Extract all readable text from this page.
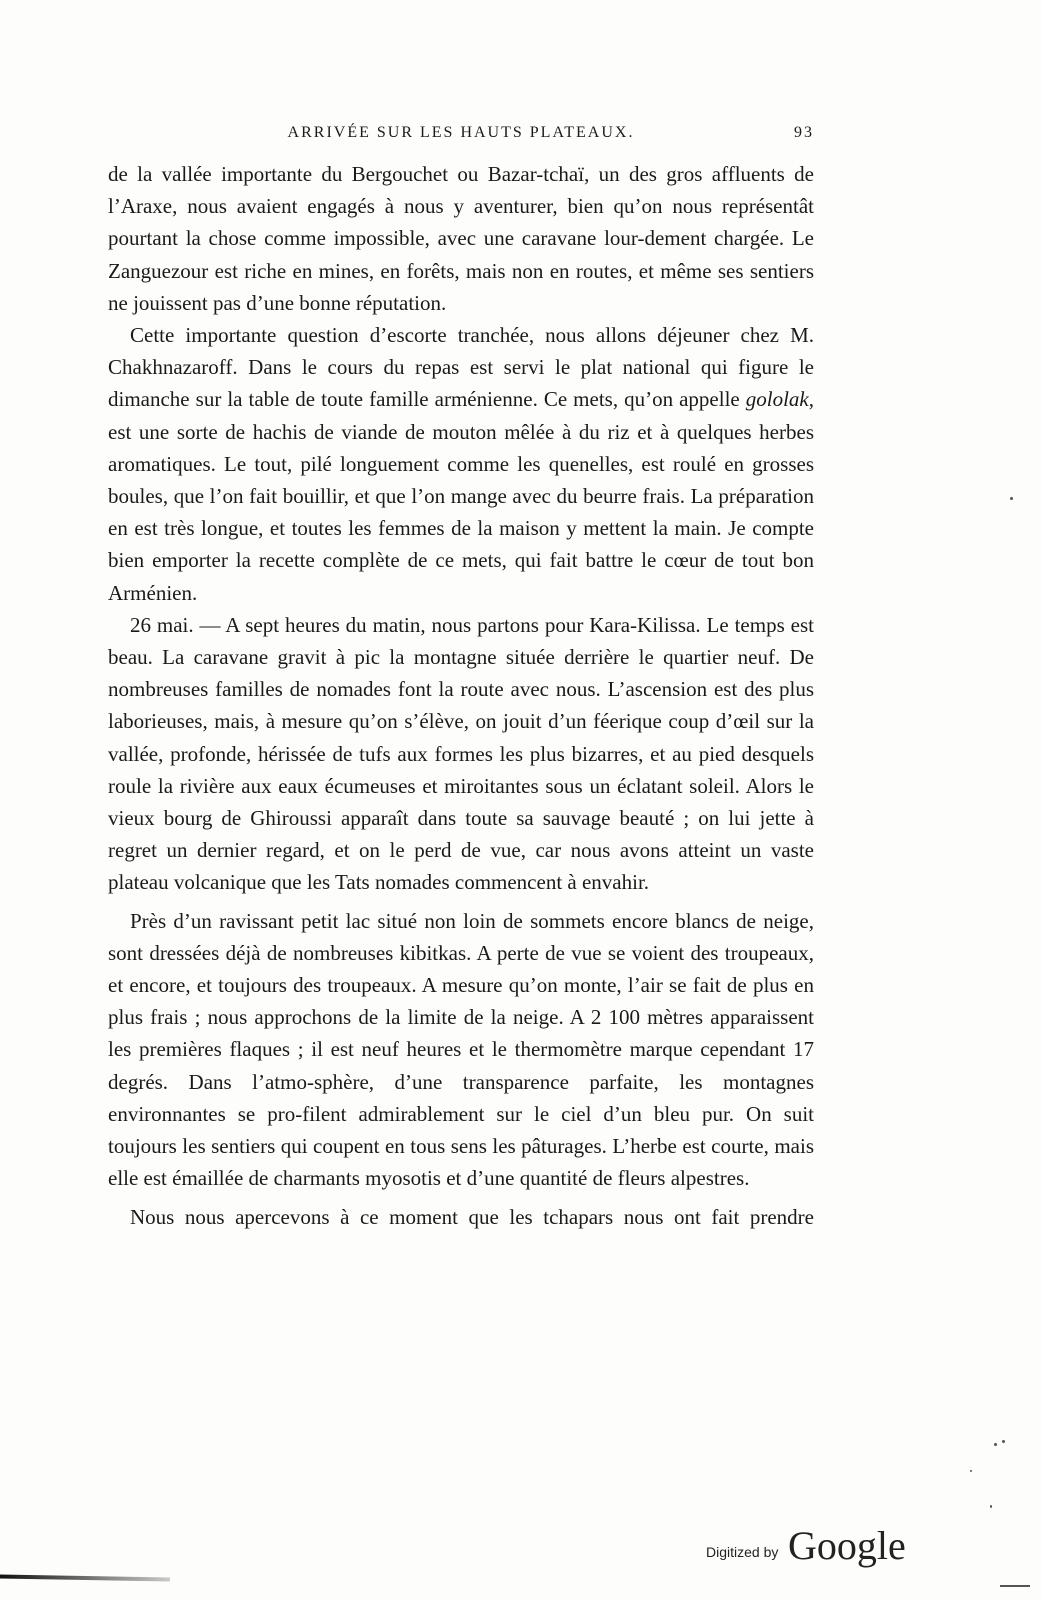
ARRIVÉE SUR LES HAUTS PLATEAUX.	93

de la vallée importante du Bergouchet ou Bazar-tchaï, un des gros affluents de l’Araxe, nous avaient engagés à nous y aventurer, bien qu’on nous représentât pourtant la chose comme impossible, avec une caravane lour-dement chargée. Le Zanguezour est riche en mines, en forêts, mais non en routes, et même ses sentiers ne jouissent pas d’une bonne réputation.

Cette importante question d’escorte tranchée, nous allons déjeuner chez M. Chakhnazaroff. Dans le cours du repas est servi le plat national qui figure le dimanche sur la table de toute famille arménienne. Ce mets, qu’on appelle gololak, est une sorte de hachis de viande de mouton mêlée à du riz et à quelques herbes aromatiques. Le tout, pilé longuement comme les quenelles, est roulé en grosses boules, que l’on fait bouillir, et que l’on mange avec du beurre frais. La préparation en est très longue, et toutes les femmes de la maison y mettent la main. Je compte bien emporter la recette complète de ce mets, qui fait battre le cœur de tout bon Arménien.

26 mai. — A sept heures du matin, nous partons pour Kara-Kilissa. Le temps est beau. La caravane gravit à pic la montagne située derrière le quartier neuf. De nombreuses familles de nomades font la route avec nous. L’ascension est des plus laborieuses, mais, à mesure qu’on s’élève, on jouit d’un féerique coup d’œil sur la vallée, profonde, hérissée de tufs aux formes les plus bizarres, et au pied desquels roule la rivière aux eaux écumeuses et miroitantes sous un éclatant soleil. Alors le vieux bourg de Ghiroussi apparaît dans toute sa sauvage beauté ; on lui jette à regret un dernier regard, et on le perd de vue, car nous avons atteint un vaste plateau volcanique que les Tats nomades commencent à envahir.

Près d’un ravissant petit lac situé non loin de sommets encore blancs de neige, sont dressées déjà de nombreuses kibitkas. A perte de vue se voient des troupeaux, et encore, et toujours des troupeaux. A mesure qu’on monte, l’air se fait de plus en plus frais ; nous approchons de la limite de la neige. A 2 100 mètres apparaissent les premières flaques ; il est neuf heures et le thermomètre marque cependant 17 degrés. Dans l’atmo-sphère, d’une transparence parfaite, les montagnes environnantes se pro-filent admirablement sur le ciel d’un bleu pur. On suit toujours les sentiers qui coupent en tous sens les pâturages. L’herbe est courte, mais elle est émaillée de charmants myosotis et d’une quantité de fleurs alpestres.

Nous nous apercevons à ce moment que les tchapars nous ont fait prendre

Digitized by Google
